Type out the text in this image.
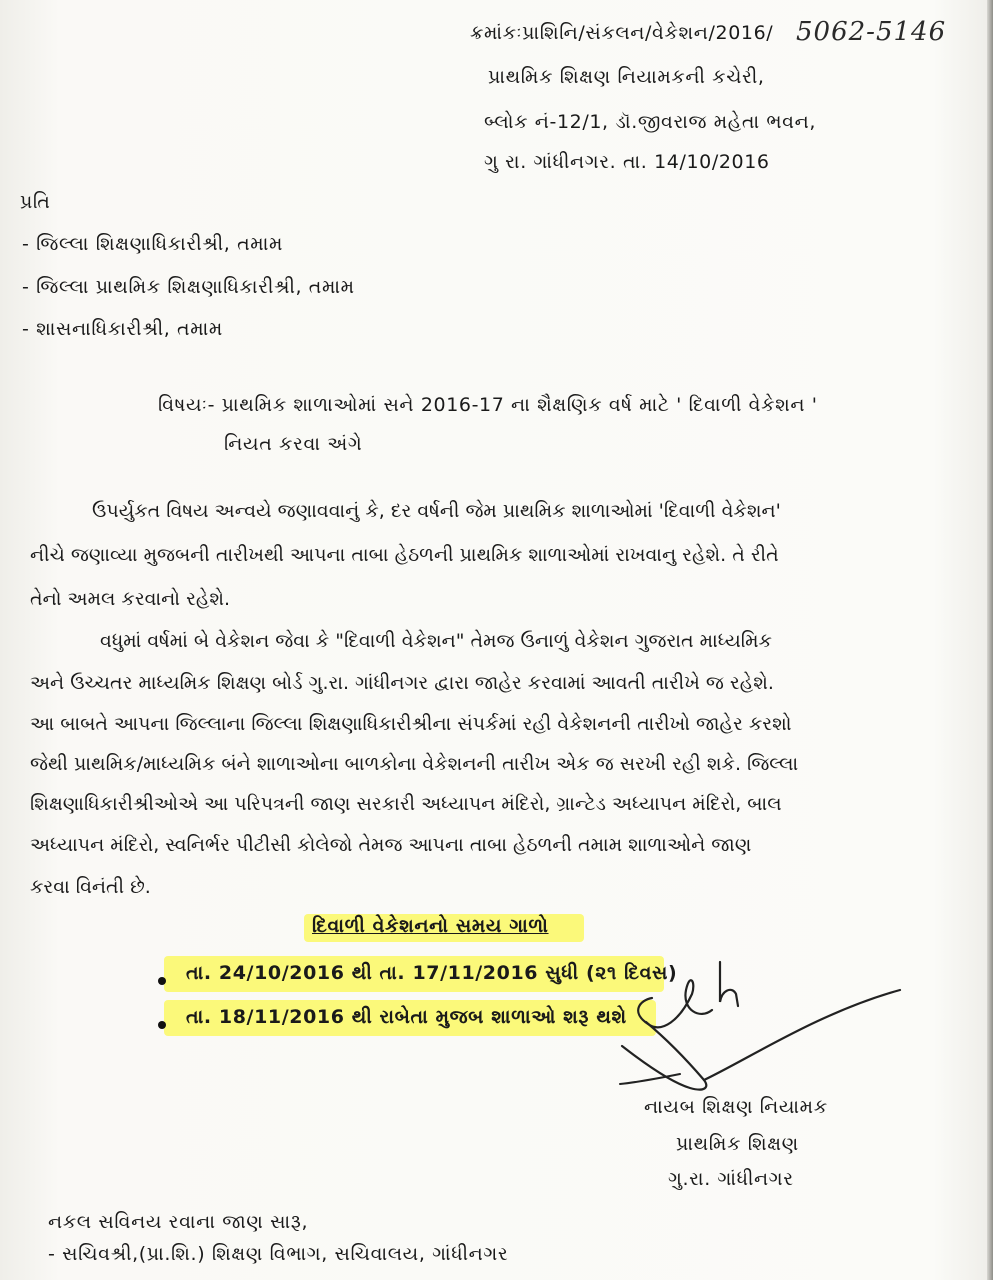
ક્રમાંકઃપ્રાશિનિ/સંકલન/વેકેશન/2016/ 5062-5146
પ્રાથમિક શિક્ષણ નિયામકની કચેરી,
બ્લોક નં-12/1, ડૉ.જીવરાજ મહેતા ભવન,
ગુ રા. ગાંધીનગર. તા. 14/10/2016
પ્રતિ
- જિલ્લા શિક્ષણાધિકારીશ્રી, તમામ
- જિલ્લા પ્રાથમિક શિક્ષણાધિકારીશ્રી, તમામ
- શાસનાધિકારીશ્રી, તમામ
વિષયઃ- પ્રાથમિક શાળાઓમાં સને 2016-17 ના શૈક્ષણિક વર્ષ માટે ' દિવાળી વેકેશન '
નિયત કરવા અંગે
ઉપર્યુકત વિષય અન્વયે જણાવવાનું કે, દર વર્ષની જેમ પ્રાથમિક શાળાઓમાં 'દિવાળી વેકેશન'
નીચે જણાવ્યા મુજબની તારીખથી આપના તાબા હેઠળની પ્રાથમિક શાળાઓમાં રાખવાનુ રહેશે. તે રીતે
તેનો અમલ કરવાનો રહેશે.
વધુમાં વર્ષમાં બે વેકેશન જેવા કે "દિવાળી વેકેશન" તેમજ ઉનાળું વેકેશન ગુજરાત માધ્યમિક
અને ઉચ્ચતર માધ્યમિક શિક્ષણ બોર્ડ ગુ.રા. ગાંધીનગર દ્વારા જાહેર કરવામાં આવતી તારીખે જ રહેશે.
આ બાબતે આપના જિલ્લાના જિલ્લા શિક્ષણાધિકારીશ્રીના સંપર્કમાં રહી વેકેશનની તારીખો જાહેર કરશો
જેથી પ્રાથમિક/માધ્યમિક બંને શાળાઓના બાળકોના વેકેશનની તારીખ એક જ સરખી રહી શકે. જિલ્લા
શિક્ષણાધિકારીશ્રીઓએ આ પરિપત્રની જાણ સરકારી અધ્યાપન મંદિરો, ગ્રાન્ટેડ અધ્યાપન મંદિરો, બાલ
અધ્યાપન મંદિરો, સ્વનિર્ભર પીટીસી કોલેજો તેમજ આપના તાબા હેઠળની તમામ શાળાઓને જાણ
કરવા વિનંતી છે.
દિવાળી વેકેશનનો સમય ગાળો
તા. 24/10/2016 થી તા. 17/11/2016 સુધી (૨૧ દિવસ)
તા. 18/11/2016 થી રાબેતા મુજબ શાળાઓ શરૂ થશે
નાયબ શિક્ષણ નિયામક
પ્રાથમિક શિક્ષણ
ગુ.રા. ગાંધીનગર
નકલ સવિનય રવાના જાણ સારૂ,
- સચિવશ્રી,(પ્રા.શિ.) શિક્ષણ વિભાગ, સચિવાલય, ગાંધીનગર
